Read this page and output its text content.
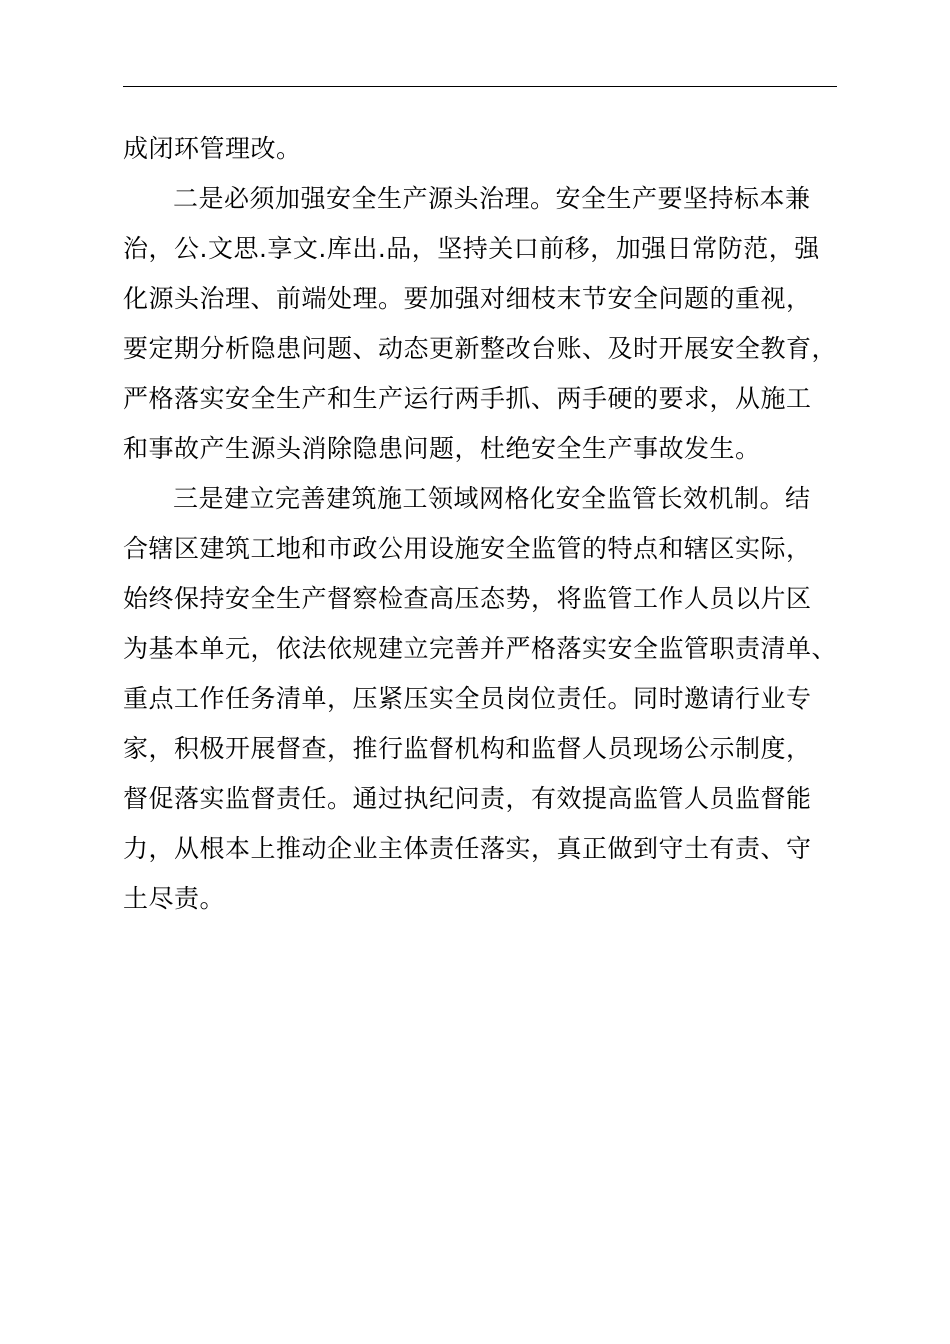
成闭环管理改。
二是必须加强安全生产源头治理。安全生产要坚持标本兼
治，公.文思.享文.库出.品，坚持关口前移，加强日常防范，强
化源头治理、前端处理。要加强对细枝末节安全问题的重视，
要定期分析隐患问题、动态更新整改台账、及时开展安全教育，
严格落实安全生产和生产运行两手抓、两手硬的要求，从施工
和事故产生源头消除隐患问题，杜绝安全生产事故发生。
三是建立完善建筑施工领域网格化安全监管长效机制。结
合辖区建筑工地和市政公用设施安全监管的特点和辖区实际，
始终保持安全生产督察检查高压态势，将监管工作人员以片区
为基本单元，依法依规建立完善并严格落实安全监管职责清单、
重点工作任务清单，压紧压实全员岗位责任。同时邀请行业专
家，积极开展督查，推行监督机构和监督人员现场公示制度，
督促落实监督责任。通过执纪问责，有效提高监管人员监督能
力，从根本上推动企业主体责任落实，真正做到守土有责、守
土尽责。
